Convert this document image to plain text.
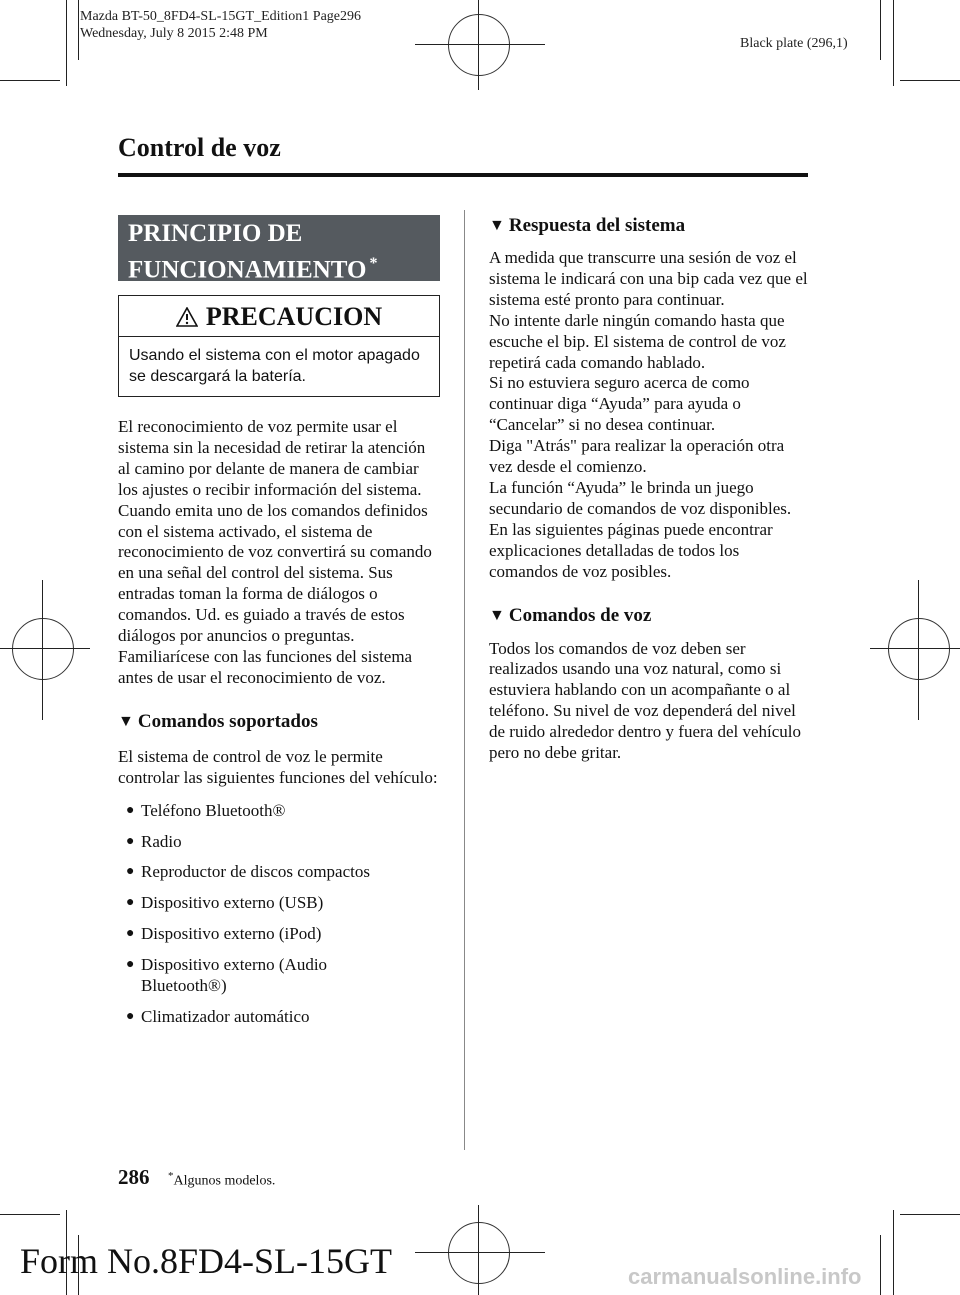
Mazda BT-50_8FD4-SL-15GT_Edition1 Page296
Wednesday, July 8 2015 2:48 PM
Black plate (296,1)
Control de voz
PRINCIPIO DE
FUNCIONAMIENTO *
PRECAUCION
Usando el sistema con el motor apagado se descargará la batería.
El reconocimiento de voz permite usar el sistema sin la necesidad de retirar la atención al camino por delante de manera de cambiar los ajustes o recibir información del sistema.
Cuando emita uno de los comandos definidos con el sistema activado, el sistema de reconocimiento de voz convertirá su comando en una señal del control del sistema. Sus entradas toman la forma de diálogos o comandos. Ud. es guiado a través de estos diálogos por anuncios o preguntas.
Familiarícese con las funciones del sistema antes de usar el reconocimiento de voz.
▼ Comandos soportados
El sistema de control de voz le permite controlar las siguientes funciones del vehículo:
● Teléfono Bluetooth®
● Radio
● Reproductor de discos compactos
● Dispositivo externo (USB)
● Dispositivo externo (iPod)
● Dispositivo externo (Audio Bluetooth®)
● Climatizador automático
▼ Respuesta del sistema
A medida que transcurre una sesión de voz el sistema le indicará con una bip cada vez que el sistema esté pronto para continuar.
No intente darle ningún comando hasta que escuche el bip. El sistema de control de voz repetirá cada comando hablado.
Si no estuviera seguro acerca de como continuar diga “Ayuda” para ayuda o “Cancelar” si no desea continuar.
Diga "Atrás" para realizar la operación otra vez desde el comienzo.
La función “Ayuda” le brinda un juego secundario de comandos de voz disponibles. En las siguientes páginas puede encontrar explicaciones detalladas de todos los comandos de voz posibles.
▼ Comandos de voz
Todos los comandos de voz deben ser realizados usando una voz natural, como si estuviera hablando con un acompañante o al teléfono. Su nivel de voz dependerá del nivel de ruido alrededor dentro y fuera del vehículo pero no debe gritar.
286 *Algunos modelos.
Form No.8FD4-SL-15GT	carmanualsonline.info
